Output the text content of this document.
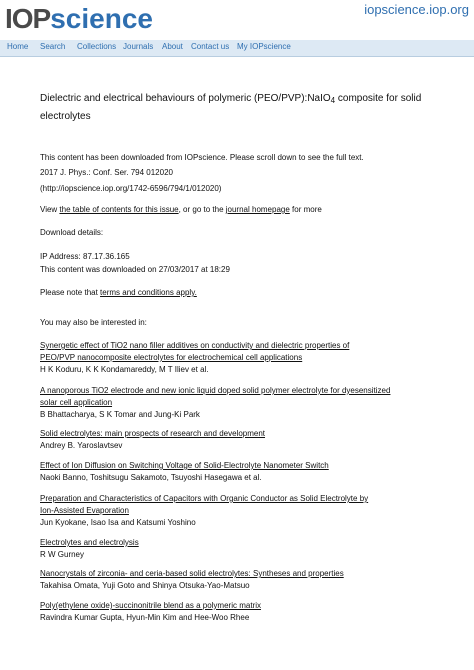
IOPscience	iopscience.iop.org
Home Search Collections Journals About Contact us My IOPscience
Dielectric and electrical behaviours of polymeric (PEO/PVP):NaIO$_4$ composite for solid
electrolytes
This content has been downloaded from IOPscience. Please scroll down to see the full text.
2017 J. Phys.: Conf. Ser. 794 012020
(http://iopscience.iop.org/1742-6596/794/1/012020)
View the table of contents for this issue, or go to the journal homepage for more
Download details:
IP Address: 87.17.36.165
This content was downloaded on 27/03/2017 at 18:29
Please note that terms and conditions apply.
You may also be interested in:
Synergetic effect of TiO2 nano filler additives on conductivity and dielectric properties of
PEO/PVP nanocomposite electrolytes for electrochemical cell applications
H K Koduru, K K Kondamareddy, M T Iliev et al.
A nanoporous TiO2 electrode and new ionic liquid doped solid polymer electrolyte for dyesensitized
solar cell application
B Bhattacharya, S K Tomar and Jung-Ki Park
Solid electrolytes: main prospects of research and development
Andrey B. Yaroslavtsev
Effect of Ion Diffusion on Switching Voltage of Solid-Electrolyte Nanometer Switch
Naoki Banno, Toshitsugu Sakamoto, Tsuyoshi Hasegawa et al.
Preparation and Characteristics of Capacitors with Organic Conductor as Solid Electrolyte by
Ion-Assisted Evaporation
Jun Kyokane, Isao Isa and Katsumi Yoshino
Electrolytes and electrolysis
R W Gurney
Nanocrystals of zirconia- and ceria-based solid electrolytes: Syntheses and properties
Takahisa Omata, Yuji Goto and Shinya Otsuka-Yao-Matsuo
Poly(ethylene oxide)-succinonitrile blend as a polymeric matrix
Ravindra Kumar Gupta, Hyun-Min Kim and Hee-Woo Rhee
